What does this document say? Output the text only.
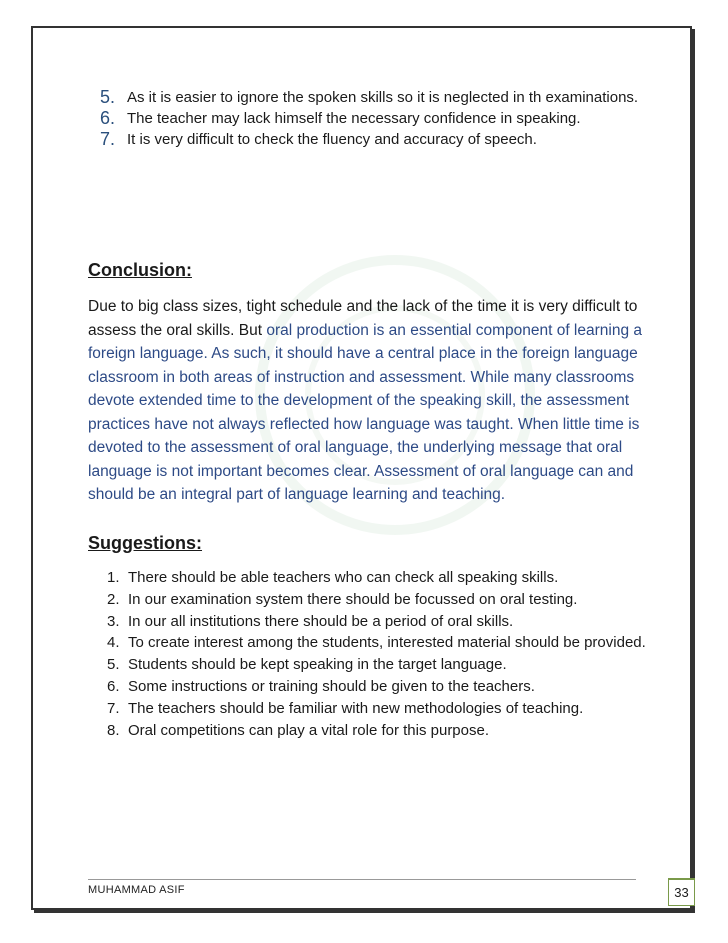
5. As it is easier to ignore the spoken skills so it is neglected in th examinations.
6. The teacher may lack himself the necessary confidence in speaking.
7. It is very difficult to check the fluency and accuracy of speech.
Conclusion:

Due to big class sizes, tight schedule and the lack of the time it is very difficult to assess the oral skills. But oral production is an essential component of learning a foreign language. As such, it should have a central place in the foreign language classroom in both areas of instruction and assessment. While many classrooms devote extended time to the development of the speaking skill, the assessment practices have not always reflected how language was taught. When little time is devoted to the assessment of oral language, the underlying message that oral language is not important becomes clear. Assessment of oral language can and should be an integral part of language learning and teaching.

Suggestions:
1. There should be able teachers who can check all speaking skills.
2. In our examination system there should be focussed on oral testing.
3. In our all institutions there should be a period of oral skills.
4. To create interest among the students, interested material should be provided.
5. Students should be kept speaking in the target language.
6. Some instructions or training should be given to the teachers.
7. The teachers should be familiar with new methodologies of teaching.
8. Oral competitions can play a vital role for this purpose.
MUHAMMAD ASIF	33
